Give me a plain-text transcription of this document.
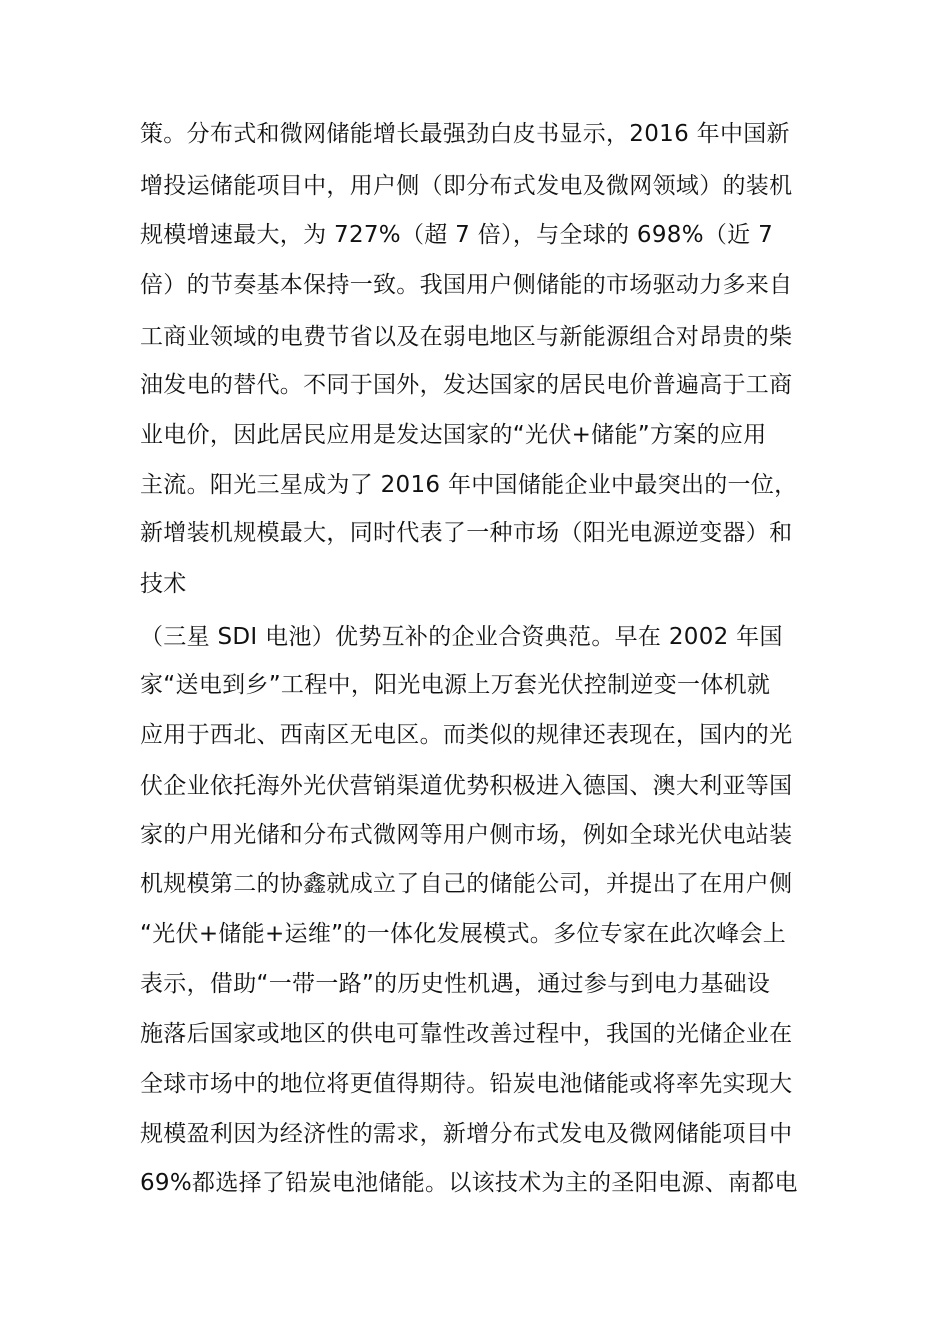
策。分布式和微网储能增长最强劲白皮书显示，2016 年中国新
增投运储能项目中，用户侧（即分布式发电及微网领域）的装机
规模增速最大，为 727%（超 7 倍），与全球的 698%（近 7
倍）的节奏基本保持一致。我国用户侧储能的市场驱动力多来自
工商业领域的电费节省以及在弱电地区与新能源组合对昂贵的柴
油发电的替代。不同于国外，发达国家的居民电价普遍高于工商
业电价，因此居民应用是发达国家的“光伏+储能”方案的应用
主流。阳光三星成为了 2016 年中国储能企业中最突出的一位，
新增装机规模最大，同时代表了一种市场（阳光电源逆变器）和
技术
（三星 SDI 电池）优势互补的企业合资典范。早在 2002 年国
家“送电到乡”工程中，阳光电源上万套光伏控制逆变一体机就
应用于西北、西南区无电区。而类似的规律还表现在，国内的光
伏企业依托海外光伏营销渠道优势积极进入德国、澳大利亚等国
家的户用光储和分布式微网等用户侧市场，例如全球光伏电站装
机规模第二的协鑫就成立了自己的储能公司，并提出了在用户侧
“光伏+储能+运维”的一体化发展模式。多位专家在此次峰会上
表示，借助“一带一路”的历史性机遇，通过参与到电力基础设
施落后国家或地区的供电可靠性改善过程中，我国的光储企业在
全球市场中的地位将更值得期待。铅炭电池储能或将率先实现大
规模盈利因为经济性的需求，新增分布式发电及微网储能项目中
69%都选择了铅炭电池储能。以该技术为主的圣阳电源、南都电
